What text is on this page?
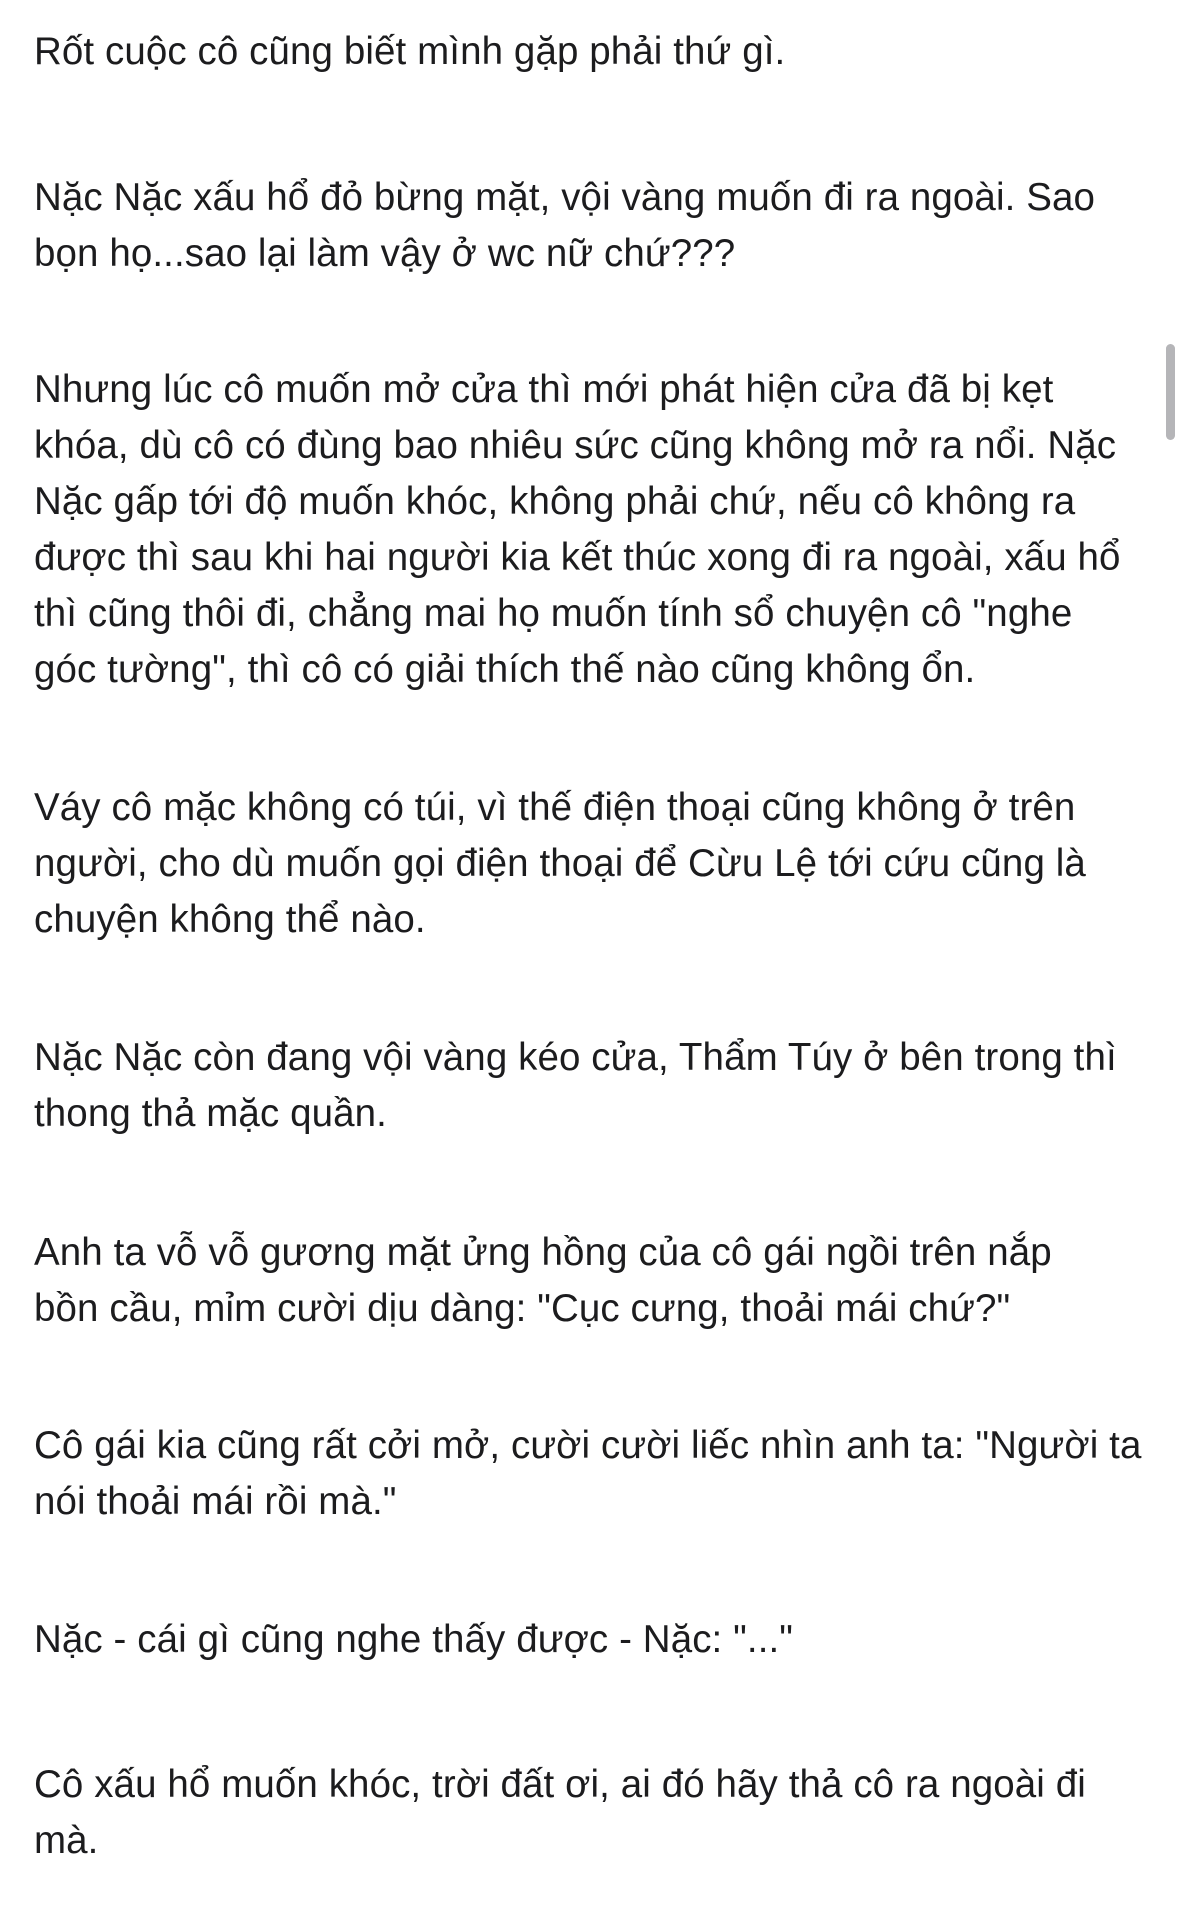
Rốt cuộc cô cũng biết mình gặp phải thứ gì.

Nặc Nặc xấu hổ đỏ bừng mặt, vội vàng muốn đi ra ngoài. Sao bọn họ...sao lại làm vậy ở wc nữ chứ???

Nhưng lúc cô muốn mở cửa thì mới phát hiện cửa đã bị kẹt khóa, dù cô có đùng bao nhiêu sức cũng không mở ra nổi. Nặc Nặc gấp tới độ muốn khóc, không phải chứ, nếu cô không ra được thì sau khi hai người kia kết thúc xong đi ra ngoài, xấu hổ thì cũng thôi đi, chẳng mai họ muốn tính sổ chuyện cô "nghe góc tường", thì cô có giải thích thế nào cũng không ổn.

Váy cô mặc không có túi, vì thế điện thoại cũng không ở trên người, cho dù muốn gọi điện thoại để Cừu Lệ tới cứu cũng là chuyện không thể nào.

Nặc Nặc còn đang vội vàng kéo cửa, Thẩm Túy ở bên trong thì thong thả mặc quần.

Anh ta vỗ vỗ gương mặt ửng hồng của cô gái ngồi trên nắp bồn cầu, mỉm cười dịu dàng: "Cục cưng, thoải mái chứ?"

Cô gái kia cũng rất cởi mở, cười cười liếc nhìn anh ta: "Người ta nói thoải mái rồi mà."

Nặc - cái gì cũng nghe thấy được - Nặc: "..."

Cô xấu hổ muốn khóc, trời đất ơi, ai đó hãy thả cô ra ngoài đi mà.
